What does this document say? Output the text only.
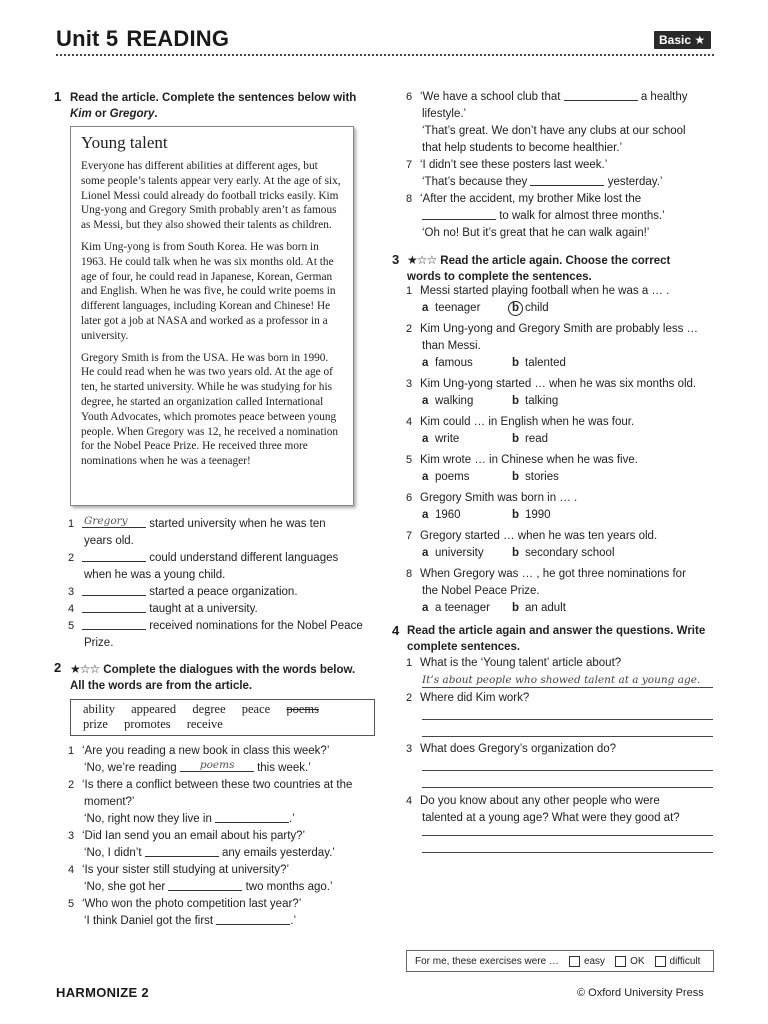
Unit 5 READING	Basic ★
1 Read the article. Complete the sentences below with
Kim or Gregory.
Young talent

Everyone has different abilities at different ages, but some people’s talents appear very early. At the age of six, Lionel Messi could already do football tricks easily. Kim Ung-yong and Gregory Smith probably aren’t as famous as Messi, but they also showed their talents as children.

Kim Ung-yong is from South Korea. He was born in 1963. He could talk when he was six months old. At the age of four, he could read in Japanese, Korean, German and English. When he was five, he could write poems in different languages, including Korean and Chinese! He later got a job at NASA and worked as a professor in a university.

Gregory Smith is from the USA. He was born in 1990. He could read when he was two years old. At the age of ten, he started university. While he was studying for his degree, he started an organization called International Youth Advocates, which promotes peace between young people. When Gregory was 12, he received a nomination for the Nobel Peace Prize. He received three more nominations when he was a teenager!

1 Gregory
started university when he was ten
years old.
2
	could understand different languages
when he was a young child.
3
	started a peace organization.
4
	taught at a university.
5
	received nominations for the Nobel Peace
Prize.
2 ★☆☆ Complete the dialogues with the words below.
All the words are from the article.
ability appeared degree peace poems
prize promotes receive
1 ‘Are you reading a new book in class this week?’
‘No, we’re reading
poems
this week.’
2 ‘Is there a conflict between these two countries at the
moment?’
‘No, right now they live in
	.’
3 ‘Did Ian send you an email about his party?’
‘No, I didn’t

	any emails yesterday.’
4 ‘Is your sister still studying at university?’
‘No, she got her

	two months ago.’
5 ‘Who won the photo competition last year?’
‘I think Daniel got the first
	.’
6 ‘We have a school club that

	a healthy
lifestyle.’
‘That’s great. We don’t have any clubs at our school
that help students to become healthier.’
7 ‘I didn’t see these posters last week.’
‘That’s because they

	yesterday.’
8 ‘After the accident, my brother Mike lost the

to walk for almost three months.’
‘Oh no! But it’s great that he can walk again!’
3 ★☆☆ Read the article again. Choose the correct
words to complete the sentences.
1 Messi started playing football when he was a … .
a teenager	b child
2 Kim Ung-yong and Gregory Smith are probably less …
than Messi.
a famous	b talented
3 Kim Ung-yong started … when he was six months old.
a walking	b talking
4 Kim could … in English when he was four.
a write	b read
5 Kim wrote … in Chinese when he was five.
a poems	b stories
6 Gregory Smith was born in … .
a 1960	b 1990
7 Gregory started … when he was ten years old.
a university	b secondary school
8 When Gregory was … , he got three nominations for
the Nobel Peace Prize.
a a teenager	b an adult
4 Read the article again and answer the questions. Write
complete sentences.
1 What is the ‘Young talent’ article about?
It’s about people who showed talent at a young age.
2 Where did Kim work?
3 What does Gregory’s organization do?
4 Do you know about any other people who were
talented at a young age? What were they good at?
For me, these exercises were …	easy	OK	difficult
HARMONIZE 2	© Oxford University Press
